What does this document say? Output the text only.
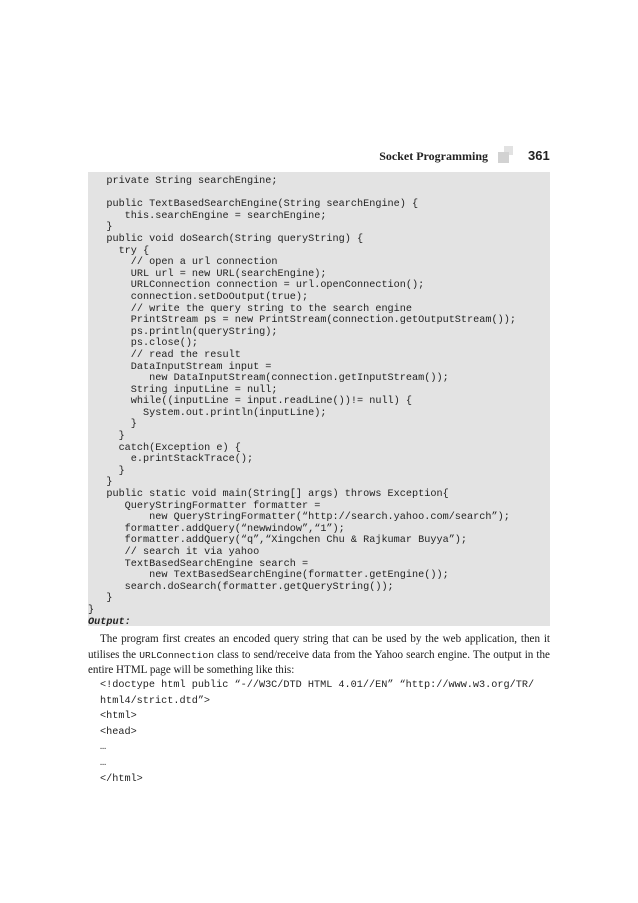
Socket Programming	361
private String searchEngine;
public TextBasedSearchEngine(String searchEngine) {
this.searchEngine = searchEngine;
}
public void doSearch(String queryString) {
try {
// open a url connection
URL url = new URL(searchEngine);
URLConnection connection = url.openConnection();
connection.setDoOutput(true);
// write the query string to the search engine
PrintStream ps = new PrintStream(connection.getOutputStream());
ps.println(queryString);
ps.close();
// read the result
DataInputStream input =
new DataInputStream(connection.getInputStream());
String inputLine = null;
while((inputLine = input.readLine())!= null) {
System.out.println(inputLine);
}
}
catch(Exception e) {
e.printStackTrace();
}
}
public static void main(String[] args) throws Exception{
QueryStringFormatter formatter =
new QueryStringFormatter(“http://search.yahoo.com/search”);
formatter.addQuery(“newwindow”,“1”);
formatter.addQuery(“q”,“Xingchen Chu & Rajkumar Buyya”);
// search it via yahoo
TextBasedSearchEngine search =
new TextBasedSearchEngine(formatter.getEngine());
search.doSearch(formatter.getQueryString());
}
}
Output:

The program first creates an encoded query string that can be used by the web application, then it utilises the URLConnection class to send/receive data from the Yahoo search engine. The output in the entire HTML page will be something like this:

<!doctype html public “-//W3C/DTD HTML 4.01//EN” “http://www.w3.org/TR/
html4/strict.dtd”>
<html>
<head>
…
…
</html>
